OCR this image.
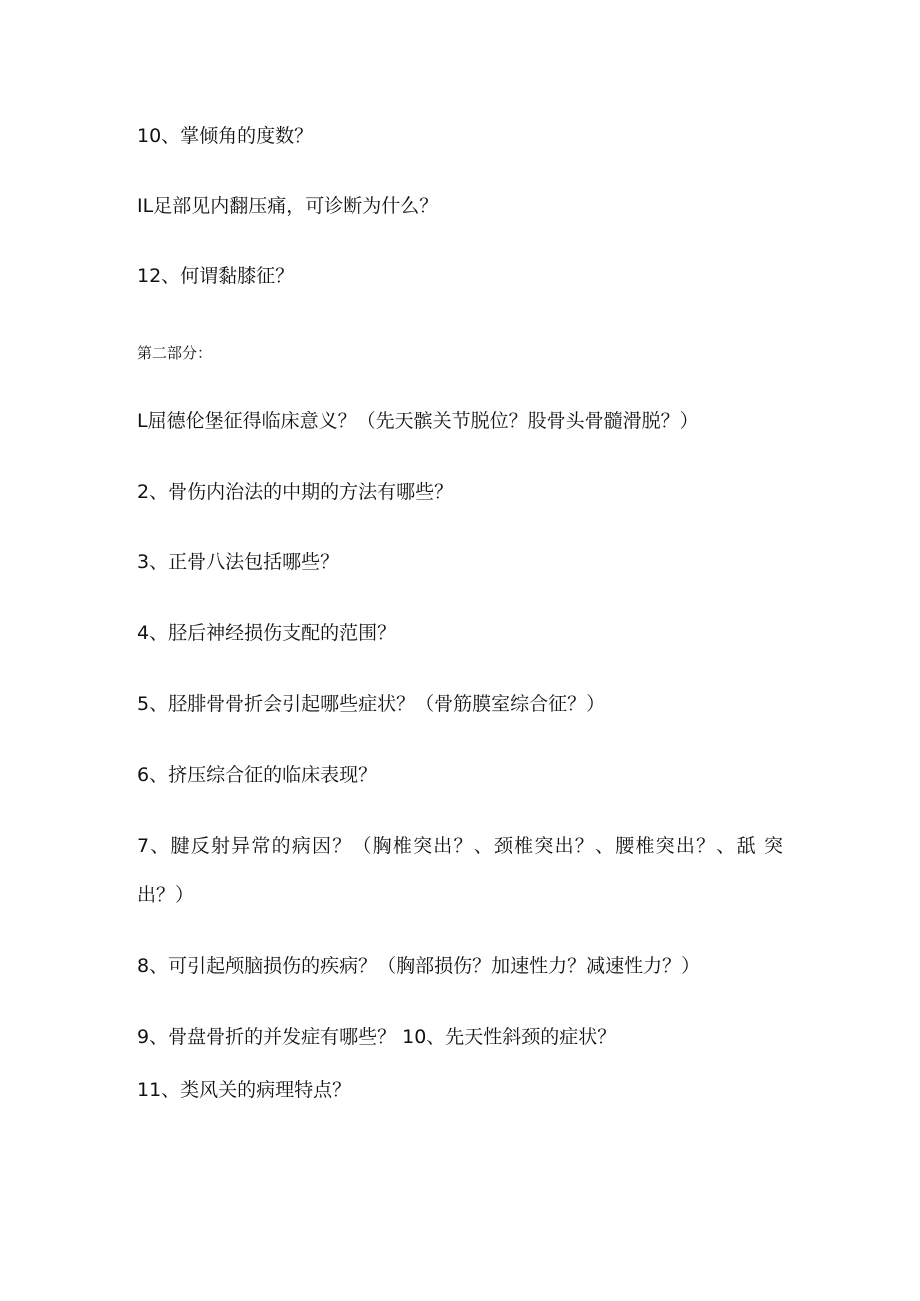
10、掌倾角的度数？

IL足部见内翻压痛，可诊断为什么？

12、何谓黏膝征？

第二部分：

L屈德伦堡征得临床意义？（先天髌关节脱位？股骨头骨髓滑脱？）

2、骨伤内治法的中期的方法有哪些？

3、正骨八法包括哪些？

4、胫后神经损伤支配的范围？

5、胫腓骨骨折会引起哪些症状？（骨筋膜室综合征？）

6、挤压综合征的临床表现？

7、腱反射异常的病因？（胸椎突出？、颈椎突出？、腰椎突出？、舐 突

出？）

8、可引起颅脑损伤的疾病？（胸部损伤？加速性力？减速性力？）

9、骨盘骨折的并发症有哪些？ 10、先天性斜颈的症状？

11、类风关的病理特点？
